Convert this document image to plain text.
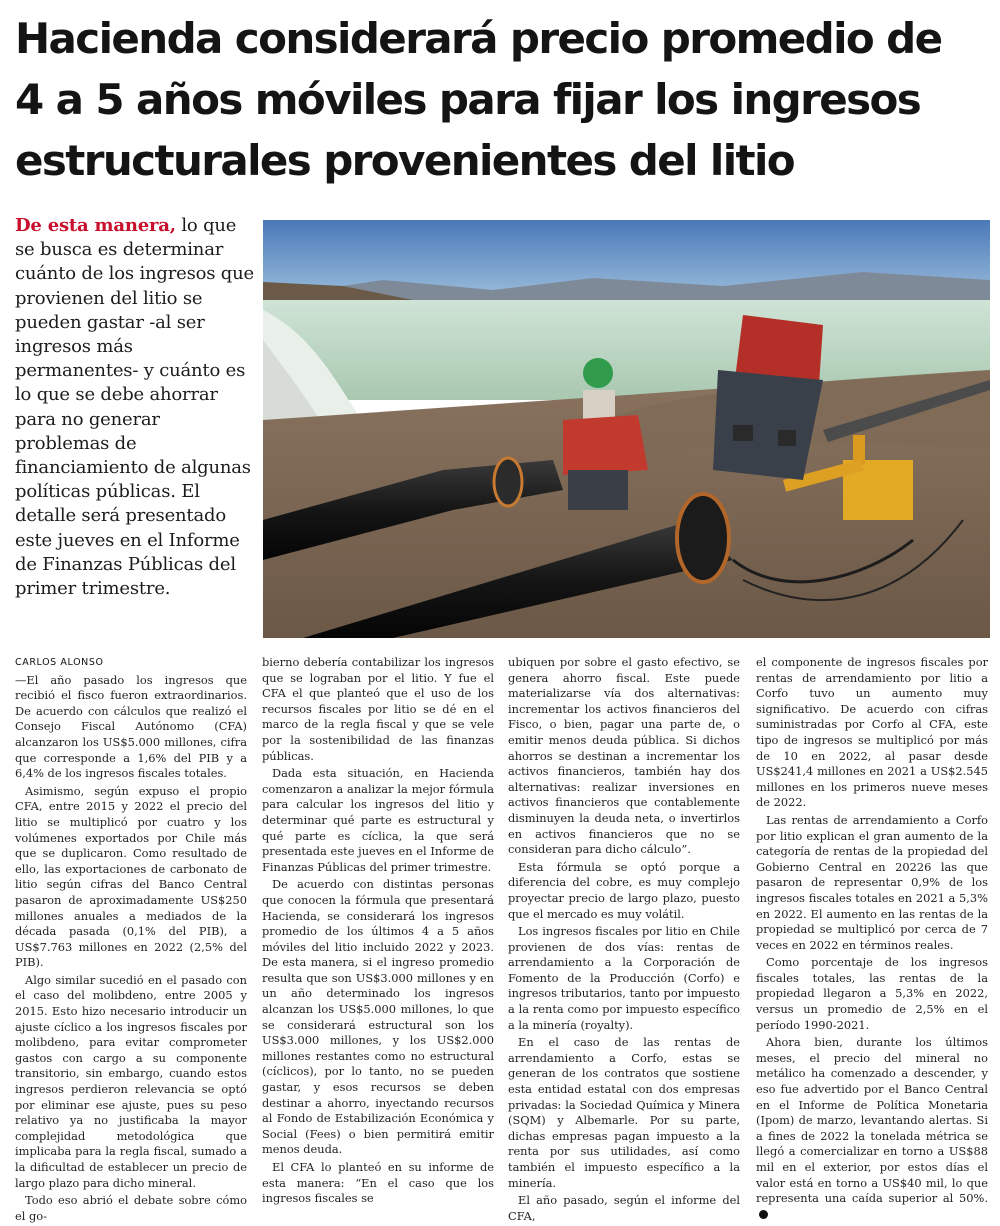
Hacienda considerará precio promedio de
4 a 5 años móviles para fijar los ingresos
estructurales provenientes del litio

De esta manera, lo que se busca es determinar cuánto de los ingresos que provienen del litio se pueden gastar -al ser ingresos más permanentes- y cuánto es lo que se debe ahorrar para no generar problemas de financiamiento de algunas políticas públicas. El detalle será presentado este jueves en el Informe de Finanzas Públicas del primer trimestre.

CARLOS ALONSO

—El año pasado los ingresos que recibió el fisco fueron extraordinarios. De acuerdo con cálculos que realizó el Consejo Fiscal Autónomo (CFA) alcanzaron los US$5.000 millones, cifra que corresponde a 1,6% del PIB y a 6,4% de los ingresos fiscales totales.

Asimismo, según expuso el propio CFA, entre 2015 y 2022 el precio del litio se multiplicó por cuatro y los volúmenes exportados por Chile más que se duplicaron. Como resultado de ello, las exportaciones de carbonato de litio según cifras del Banco Central pasaron de aproximadamente US$250 millones anuales a mediados de la década pasada (0,1% del PIB), a US$7.763 millones en 2022 (2,5% del PIB).

Algo similar sucedió en el pasado con el caso del molibdeno, entre 2005 y 2015. Esto hizo necesario introducir un ajuste cíclico a los ingresos fiscales por molibdeno, para evitar comprometer gastos con cargo a su componente transitorio, sin embargo, cuando estos ingresos perdieron relevancia se optó por eliminar ese ajuste, pues su peso relativo ya no justificaba la mayor complejidad metodológica que implicaba para la regla fiscal, sumado a la dificultad de establecer un precio de largo plazo para dicho mineral.

Todo eso abrió el debate sobre cómo el go-

bierno debería contabilizar los ingresos que se lograban por el litio. Y fue el CFA el que planteó que el uso de los recursos fiscales por litio se dé en el marco de la regla fiscal y que se vele por la sostenibilidad de las finanzas públicas.

Dada esta situación, en Hacienda comenzaron a analizar la mejor fórmula para calcular los ingresos del litio y determinar qué parte es estructural y qué parte es cíclica, la que será presentada este jueves en el Informe de Finanzas Públicas del primer trimestre.

De acuerdo con distintas personas que conocen la fórmula que presentará Hacienda, se considerará los ingresos promedio de los últimos 4 a 5 años móviles del litio incluido 2022 y 2023. De esta manera, si el ingreso promedio resulta que son US$3.000 millones y en un año determinado los ingresos alcanzan los US$5.000 millones, lo que se considerará estructural son los US$3.000 millones, y los US$2.000 millones restantes como no estructural (cíclicos), por lo tanto, no se pueden gastar, y esos recursos se deben destinar a ahorro, inyectando recursos al Fondo de Estabilización Económica y Social (Fees) o bien permitirá emitir menos deuda.

El CFA lo planteó en su informe de esta manera: “En el caso que los ingresos fiscales se

ubiquen por sobre el gasto efectivo, se genera ahorro fiscal. Este puede materializarse vía dos alternativas: incrementar los activos financieros del Fisco, o bien, pagar una parte de, o emitir menos deuda pública. Si dichos ahorros se destinan a incrementar los activos financieros, también hay dos alternativas: realizar inversiones en activos financieros que contablemente disminuyen la deuda neta, o invertirlos en activos financieros que no se consideran para dicho cálculo”.

Esta fórmula se optó porque a diferencia del cobre, es muy complejo proyectar precio de largo plazo, puesto que el mercado es muy volátil.

Los ingresos fiscales por litio en Chile provienen de dos vías: rentas de arrendamiento a la Corporación de Fomento de la Producción (Corfo) e ingresos tributarios, tanto por impuesto a la renta como por impuesto específico a la minería (royalty).

En el caso de las rentas de arrendamiento a Corfo, estas se generan de los contratos que sostiene esta entidad estatal con dos empresas privadas: la Sociedad Química y Minera (SQM) y Albemarle. Por su parte, dichas empresas pagan impuesto a la renta por sus utilidades, así como también el impuesto específico a la minería.

El año pasado, según el informe del CFA,

el componente de ingresos fiscales por rentas de arrendamiento por litio a Corfo tuvo un aumento muy significativo. De acuerdo con cifras suministradas por Corfo al CFA, este tipo de ingresos se multiplicó por más de 10 en 2022, al pasar desde US$241,4 millones en 2021 a US$2.545 millones en los primeros nueve meses de 2022.

Las rentas de arrendamiento a Corfo por litio explican el gran aumento de la categoría de rentas de la propiedad del Gobierno Central en 20226 las que pasaron de representar 0,9% de los ingresos fiscales totales en 2021 a 5,3% en 2022. El aumento en las rentas de la propiedad se multiplicó por cerca de 7 veces en 2022 en términos reales.

Como porcentaje de los ingresos fiscales totales, las rentas de la propiedad llegaron a 5,3% en 2022, versus un promedio de 2,5% en el período 1990-2021.

Ahora bien, durante los últimos meses, el precio del mineral no metálico ha comenzado a descender, y eso fue advertido por el Banco Central en el Informe de Política Monetaria (Ipom) de marzo, levantando alertas. Si a fines de 2022 la tonelada métrica se llegó a comercializar en torno a US$88 mil en el exterior, por estos días el valor está en torno a US$40 mil, lo que representa una caída superior al 50%.
